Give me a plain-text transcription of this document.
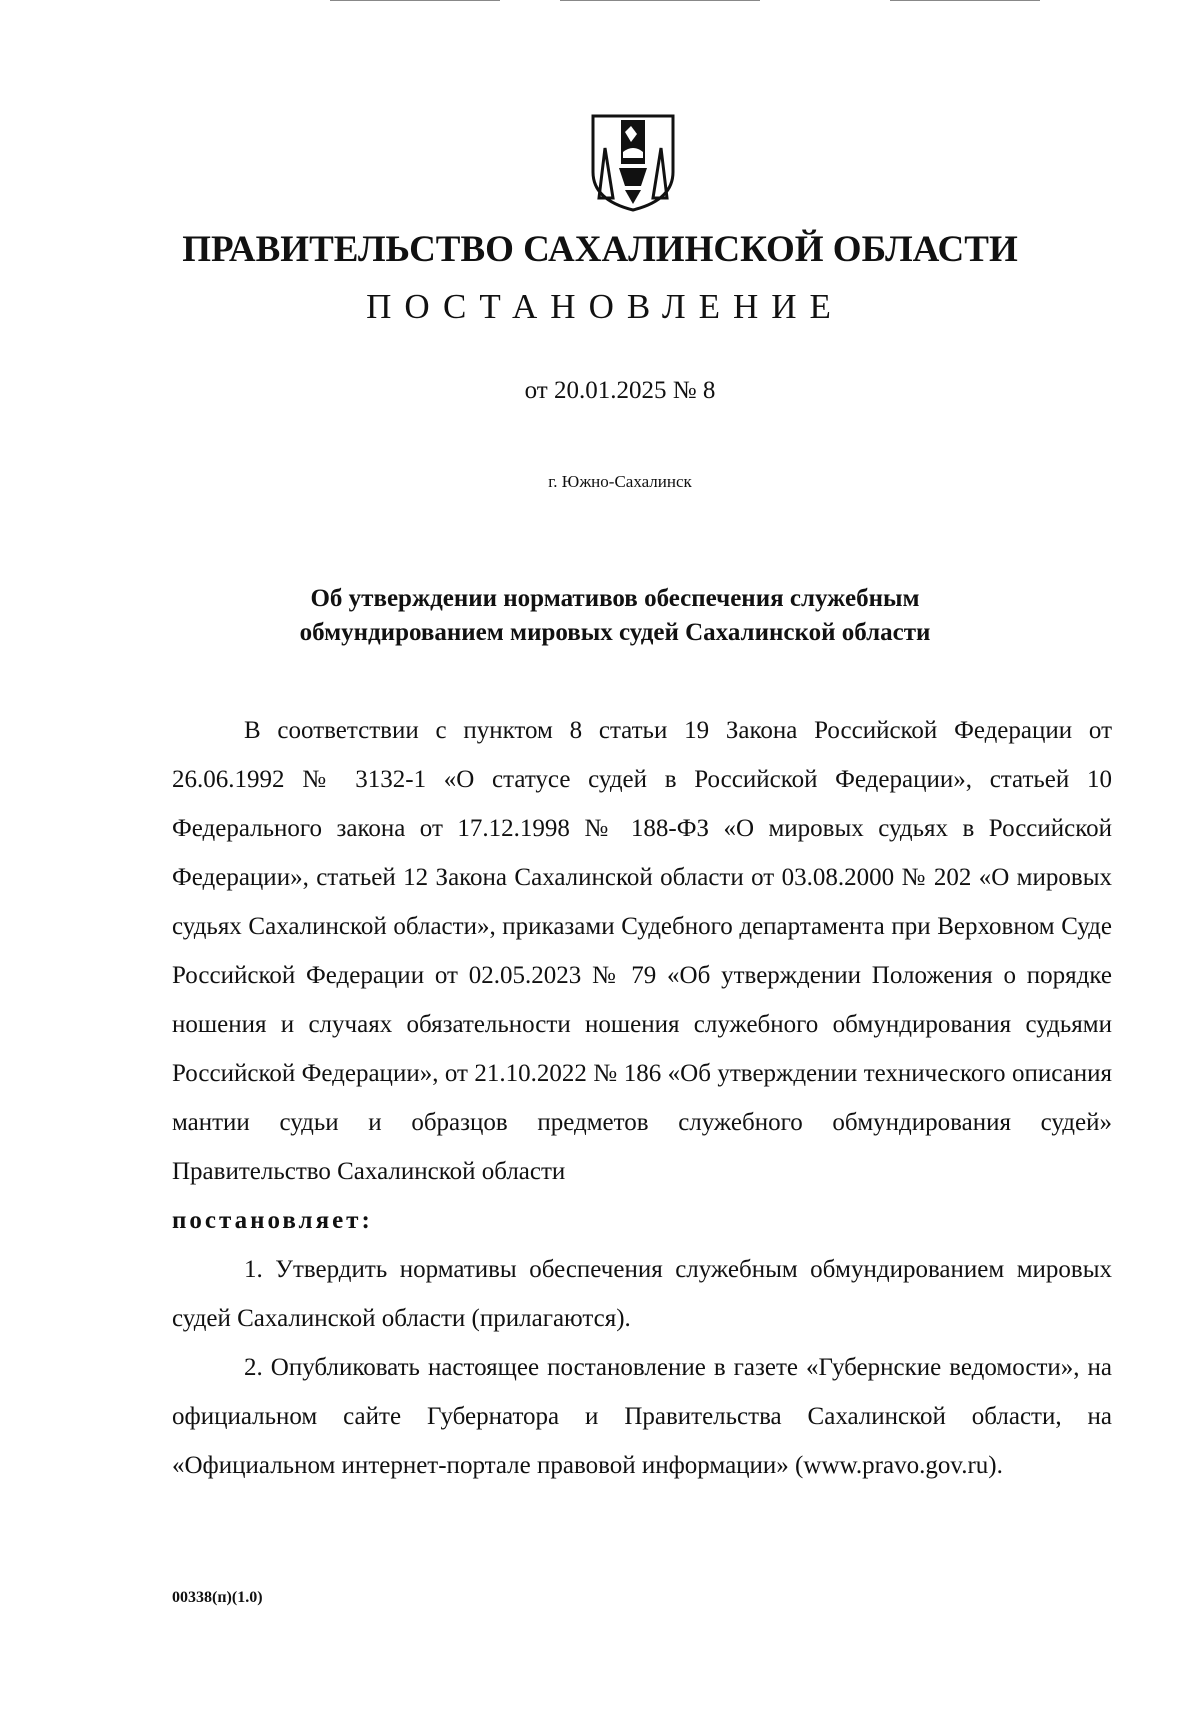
ПРАВИТЕЛЬСТВО САХАЛИНСКОЙ ОБЛАСТИ
ПОСТАНОВЛЕНИЕ
от 20.01.2025 № 8
г. Южно-Сахалинск
Об утверждении нормативов обеспечения служебным
обмундированием мировых судей Сахалинской области

В соответствии с пунктом 8 статьи 19 Закона Российской Федерации от 26.06.1992 № 3132-1 «О статусе судей в Российской Федерации», статьей 10 Федерального закона от 17.12.1998 № 188-ФЗ «О мировых судьях в Российской Федерации», статьей 12 Закона Сахалинской области от 03.08.2000 № 202 «О мировых судьях Сахалинской области», приказами Судебного департамента при Верховном Суде Российской Федерации от 02.05.2023 № 79 «Об утверждении Положения о порядке ношения и случаях обязательности ношения служебного обмундирования судьями Российской Федерации», от 21.10.2022 № 186 «Об утверждении технического описания мантии судьи и образцов предметов служебного обмундирования судей» Правительство Сахалинской области

постановляет:

1. Утвердить нормативы обеспечения служебным обмундированием мировых судей Сахалинской области (прилагаются).

2. Опубликовать настоящее постановление в газете «Губернские ведомости», на официальном сайте Губернатора и Правительства Сахалинской области, на «Официальном интернет-портале правовой информации» (www.pravo.gov.ru).

00338(п)(1.0)
